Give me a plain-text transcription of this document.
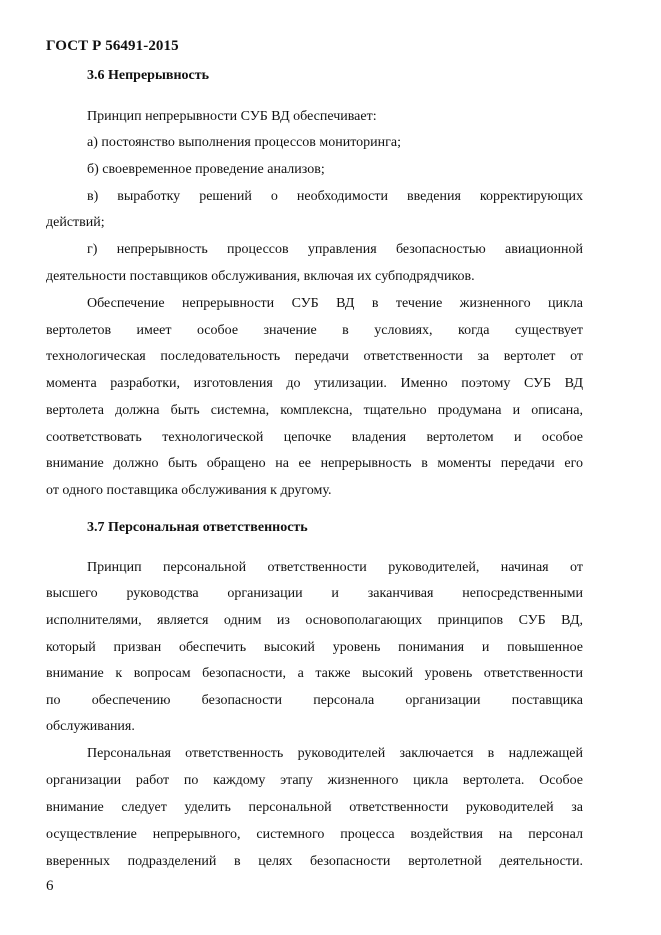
ГОСТ Р 56491-2015
3.6 Непрерывность
Принцип непрерывности СУБ ВД обеспечивает:
а) постоянство выполнения процессов мониторинга;
б) своевременное проведение анализов;
в) выработку решений о необходимости введения корректирующих
действий;
г) непрерывность процессов управления безопасностью авиационной
деятельности поставщиков обслуживания, включая их субподрядчиков.
Обеспечение непрерывности СУБ ВД в течение жизненного цикла
вертолетов имеет особое значение в условиях, когда существует
технологическая последовательность передачи ответственности за вертолет от
момента разработки, изготовления до утилизации. Именно поэтому СУБ ВД
вертолета должна быть системна, комплексна, тщательно продумана и описана,
соответствовать технологической цепочке владения вертолетом и особое
внимание должно быть обращено на ее непрерывность в моменты передачи его
от одного поставщика обслуживания к другому.
3.7 Персональная ответственность
Принцип персональной ответственности руководителей, начиная от
высшего руководства организации и заканчивая непосредственными
исполнителями, является одним из основополагающих принципов СУБ ВД,
который призван обеспечить высокий уровень понимания и повышенное
внимание к вопросам безопасности, а также высокий уровень ответственности
по обеспечению безопасности персонала организации поставщика
обслуживания.
Персональная ответственность руководителей заключается в надлежащей
организации работ по каждому этапу жизненного цикла вертолета. Особое
внимание следует уделить персональной ответственности руководителей за
осуществление непрерывного, системного процесса воздействия на персонал
вверенных подразделений в целях безопасности вертолетной деятельности.
6
